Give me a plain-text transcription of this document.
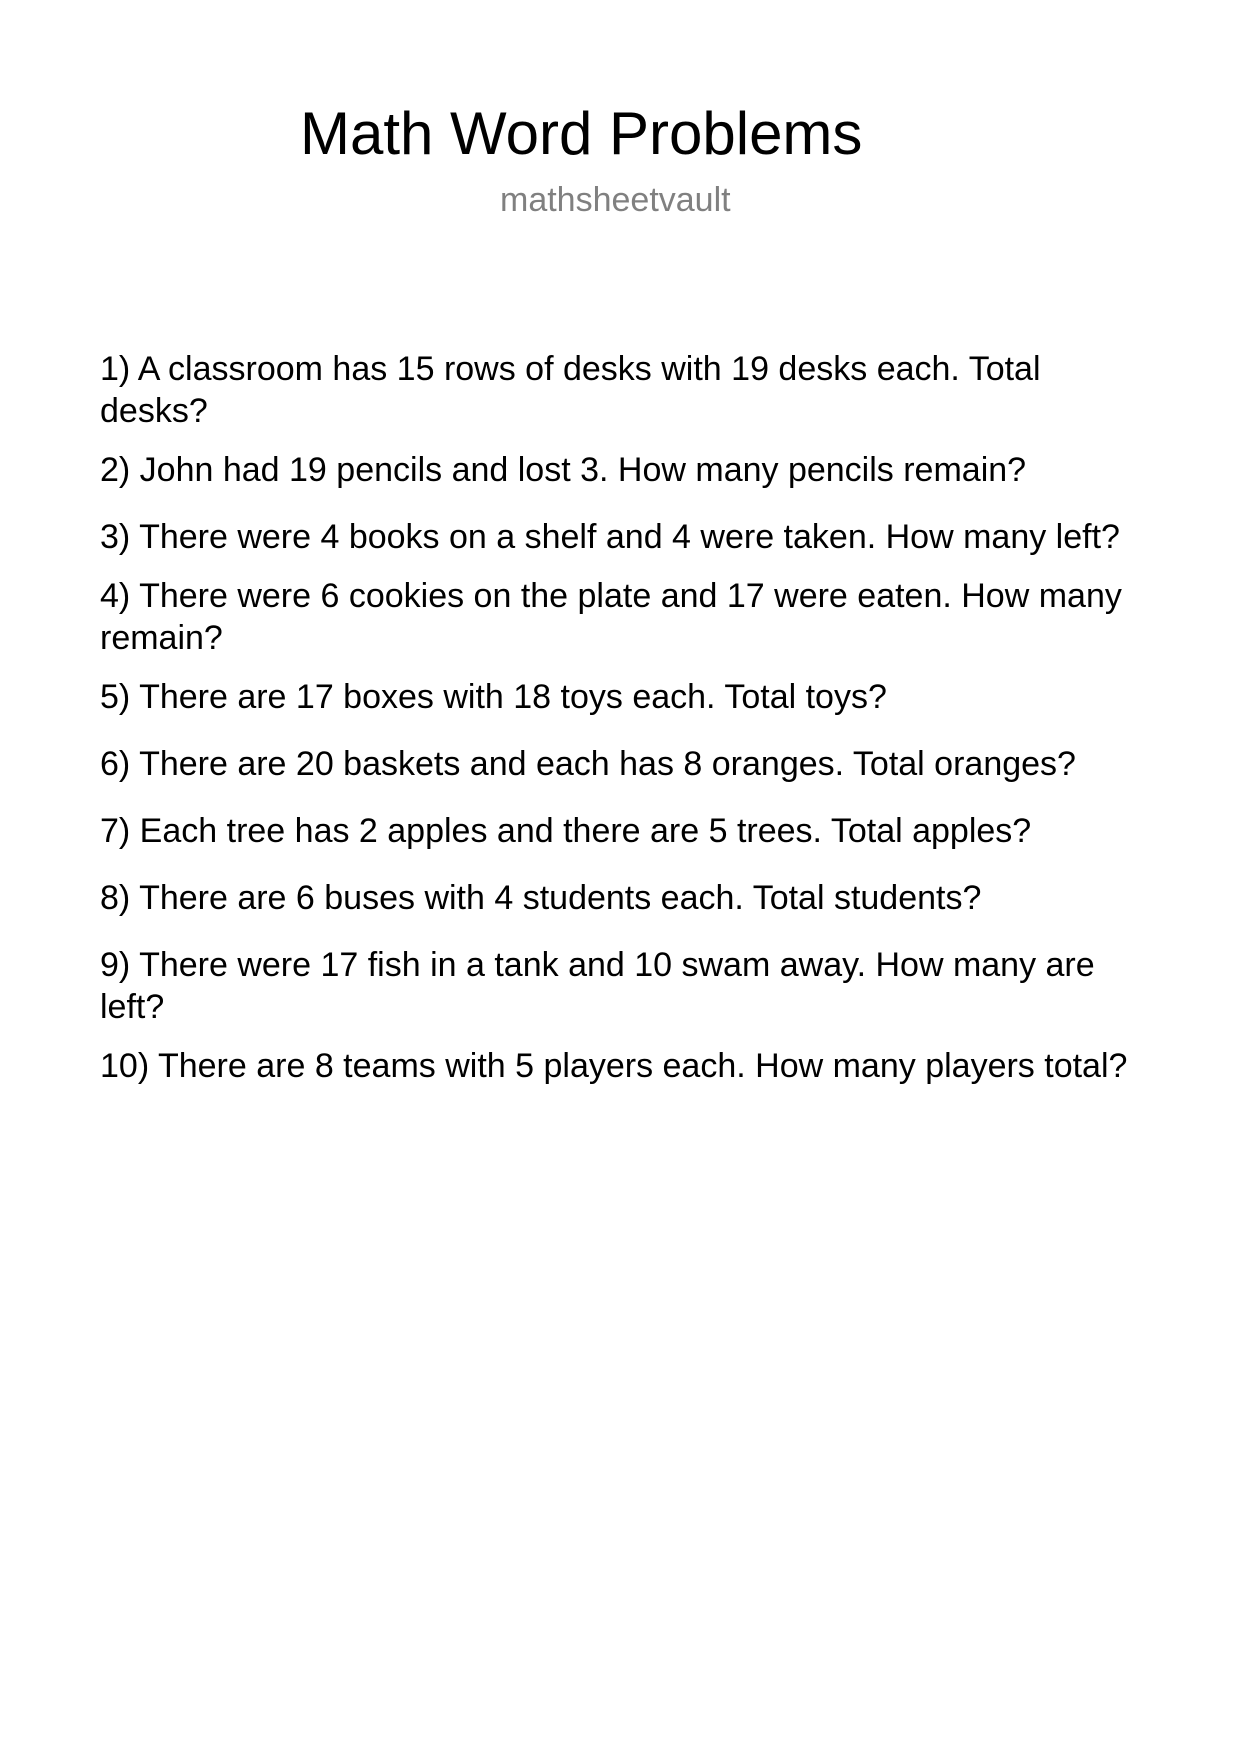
Math Word Problems
mathsheetvault
1) A classroom has 15 rows of desks with 19 desks each. Total desks?
2) John had 19 pencils and lost 3. How many pencils remain?
3) There were 4 books on a shelf and 4 were taken. How many left?
4) There were 6 cookies on the plate and 17 were eaten. How many remain?
5) There are 17 boxes with 18 toys each. Total toys?
6) There are 20 baskets and each has 8 oranges. Total oranges?
7) Each tree has 2 apples and there are 5 trees. Total apples?
8) There are 6 buses with 4 students each. Total students?
9) There were 17 fish in a tank and 10 swam away. How many are left?
10) There are 8 teams with 5 players each. How many players total?
